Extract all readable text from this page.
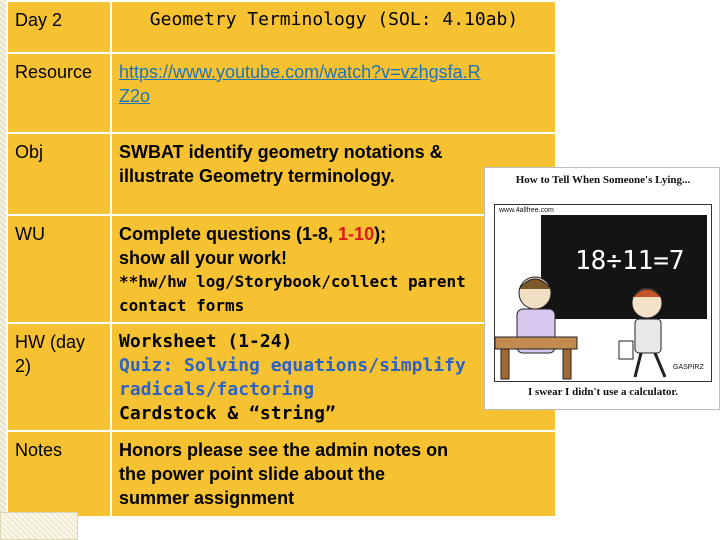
Day 2	Geometry Terminology (SOL: 4.10ab)
Resource	https://www.youtube.com/watch?v=vzhgsfa.R
Z2o

Obj	SWBAT identify geometry notations &
illustrate Geometry terminology.

WU	Complete questions (1-8, 1-10);
show all your work!
**hw/hw log/Storybook/collect parent
contact forms

HW (day 2)	Worksheet (1-24)
Quiz: Solving equations/simplify
radicals/factoring
Cardstock & “string”

Notes	Honors please see the admin notes on
the power point slide about the
summer assignment
How to Tell When Someone's Lying...
18÷11=7
www.4allfree.com
GASPIRZ
I swear I didn't use a calculator.
